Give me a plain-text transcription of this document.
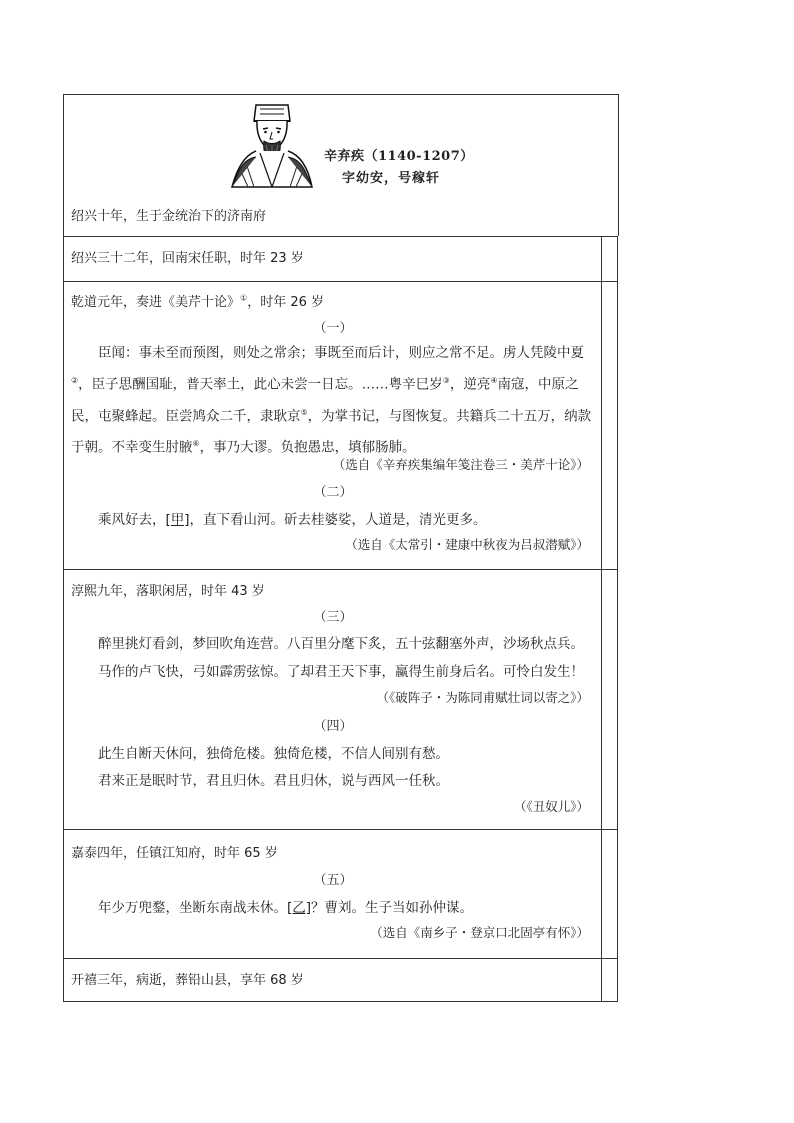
辛弃疾（1140-1207）
字幼安，号稼轩
绍兴十年，生于金统治下的济南府
绍兴三十二年，回南宋任职，时年 23 岁
乾道元年，奏进《美芹十论》①，时年 26 岁
（一）
臣闻：事未至而预图，则处之常余；事既至而后计，则应之常不足。虏人凭陵中夏②，臣子思酬国耻，普天率土，此心未尝一日忘。……粤辛巳岁③，逆亮④南寇，中原之民，屯聚蜂起。臣尝鸠众二千，隶耿京⑤，为掌书记，与图恢复。共籍兵二十五万，纳款于朝。不幸变生肘腋⑥，事乃大谬。负抱愚忠，填郁肠肺。
（选自《辛弃疾集编年笺注卷三・美芹十论》）
（二）
乘风好去，[甲]，直下看山河。斫去桂婆娑，人道是，清光更多。
（选自《太常引・建康中秋夜为吕叔潜赋》）
淳熙九年，落职闲居，时年 43 岁
（三）
醉里挑灯看剑，梦回吹角连营。八百里分麾下炙，五十弦翻塞外声，沙场秋点兵。
马作的卢飞快，弓如霹雳弦惊。了却君王天下事，赢得生前身后名。可怜白发生！
（《破阵子・为陈同甫赋壮词以寄之》）
（四）
此生自断天休问，独倚危楼。独倚危楼，不信人间别有愁。
君来正是眠时节，君且归休。君且归休，说与西风一任秋。
（《丑奴儿》）
嘉泰四年，任镇江知府，时年 65 岁
（五）
年少万兜鍪，坐断东南战未休。[乙]？曹刘。生子当如孙仲谋。
（选自《南乡子・登京口北固亭有怀》）
开禧三年，病逝，葬铅山县，享年 68 岁
